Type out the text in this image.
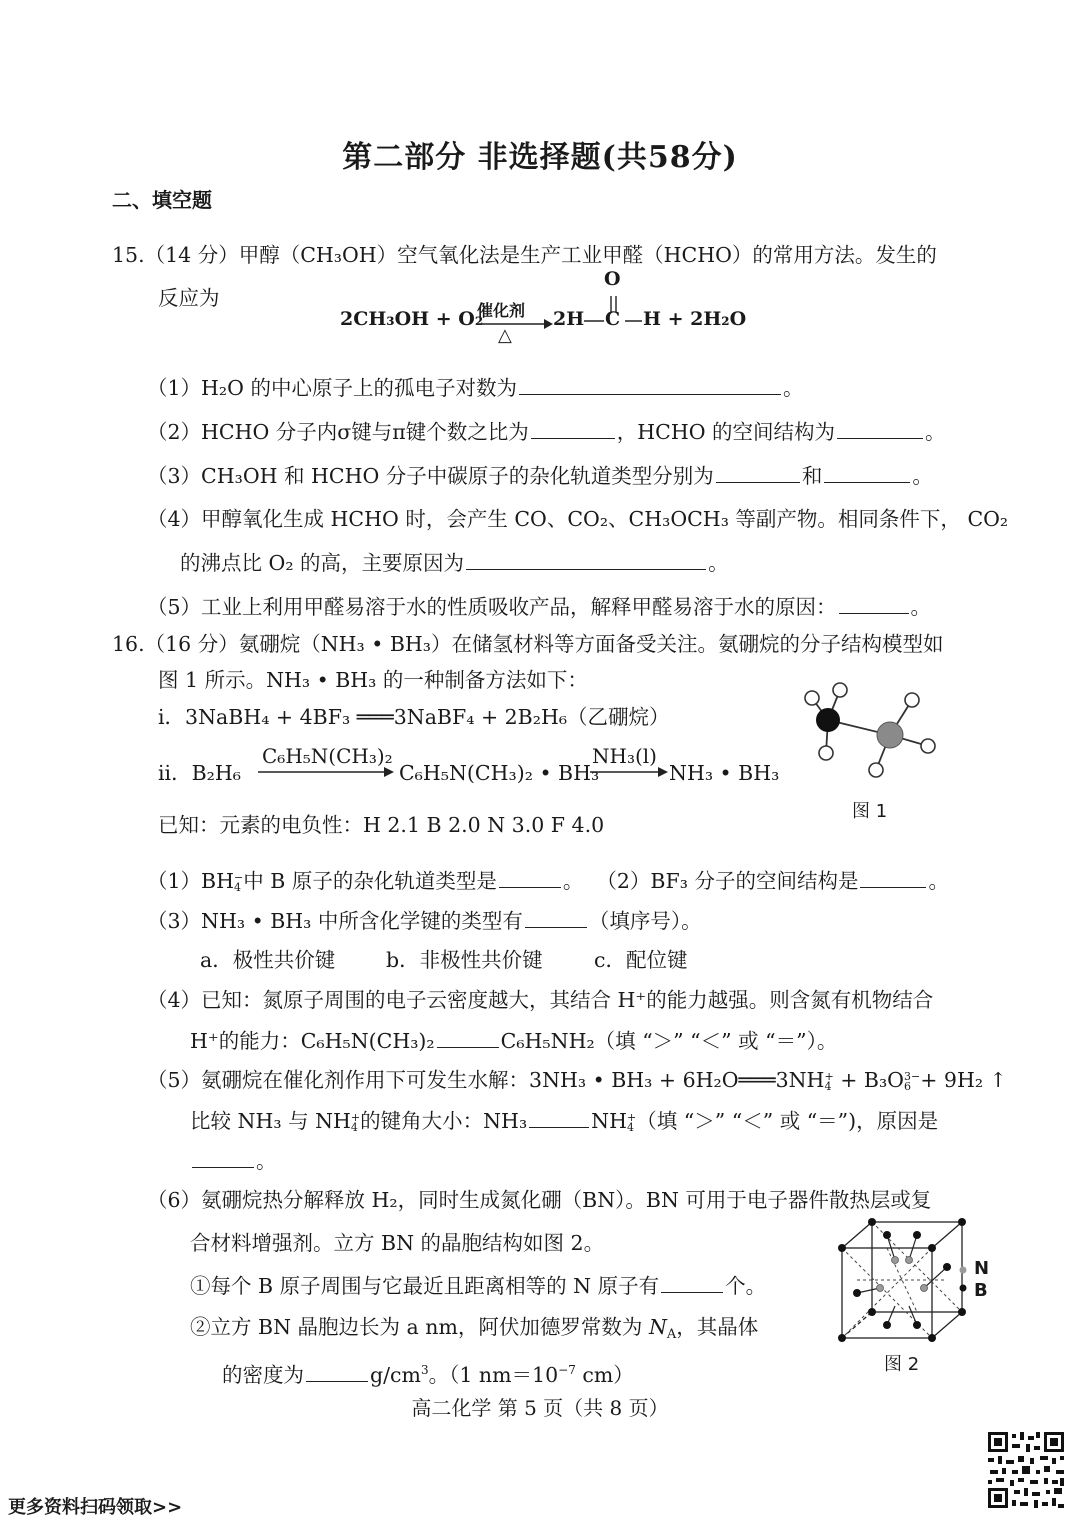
第二部分 非选择题(共58分)
二、填空题
15.（14 分）甲醇（CH₃OH）空气氧化法是生产工业甲醛（HCHO）的常用方法。发生的
反应为
2CH₃OH + O₂
催化剂
△
2H
O
C H + 2H₂O
（1）H₂O 的中心原子上的孤电子对数为	。
（2）HCHO 分子内σ键与π键个数之比为	，HCHO 的空间结构为	。
（3）CH₃OH 和 HCHO 分子中碳原子的杂化轨道类型分别为	和	。
（4）甲醇氧化生成 HCHO 时，会产生 CO、CO₂、CH₃OCH₃ 等副产物。相同条件下， CO₂
的沸点比 O₂ 的高，主要原因为	。
（5）工业上利用甲醛易溶于水的性质吸收产品，解释甲醛易溶于水的原因：	。
16.（16 分）氨硼烷（NH₃ • BH₃）在储氢材料等方面备受关注。氨硼烷的分子结构模型如
图 1 所示。NH₃ • BH₃ 的一种制备方法如下：
i．3NaBH₄ + 4BF₃ ═══3NaBF₄ + 2B₂H₆（乙硼烷）
ii．B₂H₆
C₆H₅N(CH₃)₂
C₆H₅N(CH₃)₂ • BH₃
NH₃(l)
NH₃ • BH₃
已知：元素的电负性：H 2.1 B 2.0 N 3.0 F 4.0
图 1
（1）BH −
4 中 B 原子的杂化轨道类型是	。 （2）BF₃ 分子的空间结构是	。
（3）NH₃ • BH₃ 中所含化学键的类型有	（填序号）。
a．极性共价键 b．非极性共价键	c．配位键
（4）已知：氮原子周围的电子云密度越大，其结合 H⁺的能力越强。则含氮有机物结合
H⁺的能力：C₆H₅N(CH₃)₂	C₆H₅NH₂（填 “＞” “＜” 或 “＝”）。
（5）氨硼烷在催化剂作用下可发生水解：3NH₃ • BH₃ + 6H₂O═══3NH +
4 + B₃O 3−
6 + 9H₂ ↑
比较 NH₃ 与 NH +
4 的键角大小：NH₃	NH +
4 （填 “＞” “＜” 或 “＝”)，原因是
。
（6）氨硼烷热分解释放 H₂，同时生成氮化硼（BN）。BN 可用于电子器件散热层或复
合材料增强剂。立方 BN 的晶胞结构如图 2。
①每个 B 原子周围与它最近且距离相等的 N 原子有	个。
②立方 BN 晶胞边长为 a nm，阿伏加德罗常数为 $N_A$，其晶体
的密度为	$g/cm^3$。（1 $nm=10^{-7}$ cm）
N
B
图 2
高二化学 第 5 页（共 8 页）
更多资料扫码领取>>
